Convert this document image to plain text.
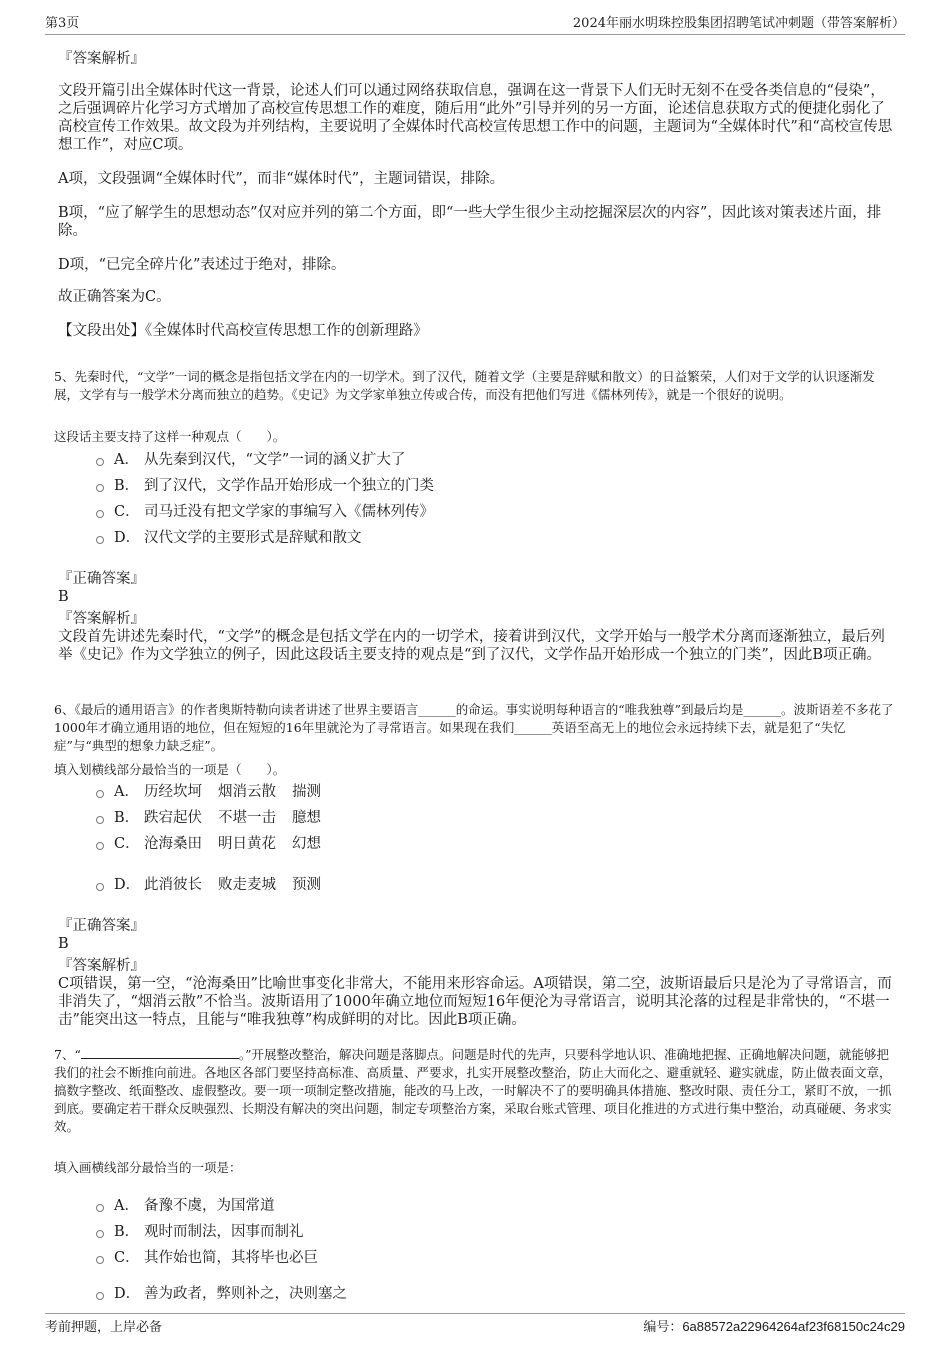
第3页	2024年丽水明珠控股集团招聘笔试冲刺题（带答案解析）
『答案解析』
文段开篇引出全媒体时代这一背景，论述人们可以通过网络获取信息，强调在这一背景下人们无时无刻不在受各类信息的“侵染”，之后强调碎片化学习方式增加了高校宣传思想工作的难度，随后用“此外”引导并列的另一方面，论述信息获取方式的便捷化弱化了高校宣传工作效果。故文段为并列结构，主要说明了全媒体时代高校宣传思想工作中的问题，主题词为“全媒体时代”和“高校宣传思想工作”，对应C项。
A项，文段强调“全媒体时代”，而非“媒体时代”，主题词错误，排除。
B项，“应了解学生的思想动态”仅对应并列的第二个方面，即“一些大学生很少主动挖掘深层次的内容”，因此该对策表述片面，排除。
D项，“已完全碎片化”表述过于绝对，排除。
故正确答案为C。
【文段出处】《全媒体时代高校宣传思想工作的创新理路》
5、先秦时代，“文学”一词的概念是指包括文学在内的一切学术。到了汉代，随着文学（主要是辞赋和散文）的日益繁荣，人们对于文学的认识逐渐发展，文学有与一般学术分离而独立的趋势。《史记》为文学家单独立传或合传，而没有把他们写进《儒林列传》，就是一个很好的说明。
这段话主要支持了这样一种观点（　　）。
A． 从先秦到汉代，“文学”一词的涵义扩大了
B． 到了汉代，文学作品开始形成一个独立的门类
C． 司马迁没有把文学家的事编写入《儒林列传》
D． 汉代文学的主要形式是辞赋和散文
『正确答案』
B
『答案解析』
文段首先讲述先秦时代，“文学”的概念是包括文学在内的一切学术，接着讲到汉代，文学开始与一般学术分离而逐渐独立，最后列举《史记》作为文学独立的例子，因此这段话主要支持的观点是“到了汉代，文学作品开始形成一个独立的门类”，因此B项正确。
6、《最后的通用语言》的作者奥斯特勒向读者讲述了世界主要语言______的命运。事实说明每种语言的“唯我独尊”到最后均是______。波斯语差不多花了1000年才确立通用语的地位，但在短短的16年里就沦为了寻常语言。如果现在我们______英语至高无上的地位会永远持续下去，就是犯了“失忆症”与“典型的想象力缺乏症”。
填入划横线部分最恰当的一项是（　　）。
A． 历经坎坷 烟消云散 揣测
B． 跌宕起伏 不堪一击 臆想
C． 沧海桑田 明日黄花 幻想
D． 此消彼长 败走麦城 预测
『正确答案』
B
『答案解析』
C项错误，第一空，“沧海桑田”比喻世事变化非常大，不能用来形容命运。A项错误，第二空，波斯语最后只是沦为了寻常语言，而非消失了，“烟消云散”不恰当。波斯语用了1000年确立地位而短短16年便沦为寻常语言，说明其沦落的过程是非常快的，“不堪一击”能突出这一特点，且能与“唯我独尊”构成鲜明的对比。因此B项正确。
7、“	。”开展整改整治，解决问题是落脚点。问题是时代的先声，只要科学地认识、准确地把握、正确地解决问题，就能够把我们的社会不断推向前进。各地区各部门要坚持高标准、高质量、严要求，扎实开展整改整治，防止大而化之、避重就轻、避实就虚，防止做表面文章，搞数字整改、纸面整改、虚假整改。要一项一项制定整改措施，能改的马上改，一时解决不了的要明确具体措施、整改时限、责任分工，紧盯不放，一抓到底。要确定若干群众反映强烈、长期没有解决的突出问题，制定专项整治方案，采取台账式管理、项目化推进的方式进行集中整治，动真碰硬、务求实效。
填入画横线部分最恰当的一项是：
A． 备豫不虞，为国常道
B． 观时而制法，因事而制礼
C． 其作始也简，其将毕也必巨
D． 善为政者，弊则补之，决则塞之
考前押题，上岸必备	编号：6a88572a22964264af23f68150c24c29
